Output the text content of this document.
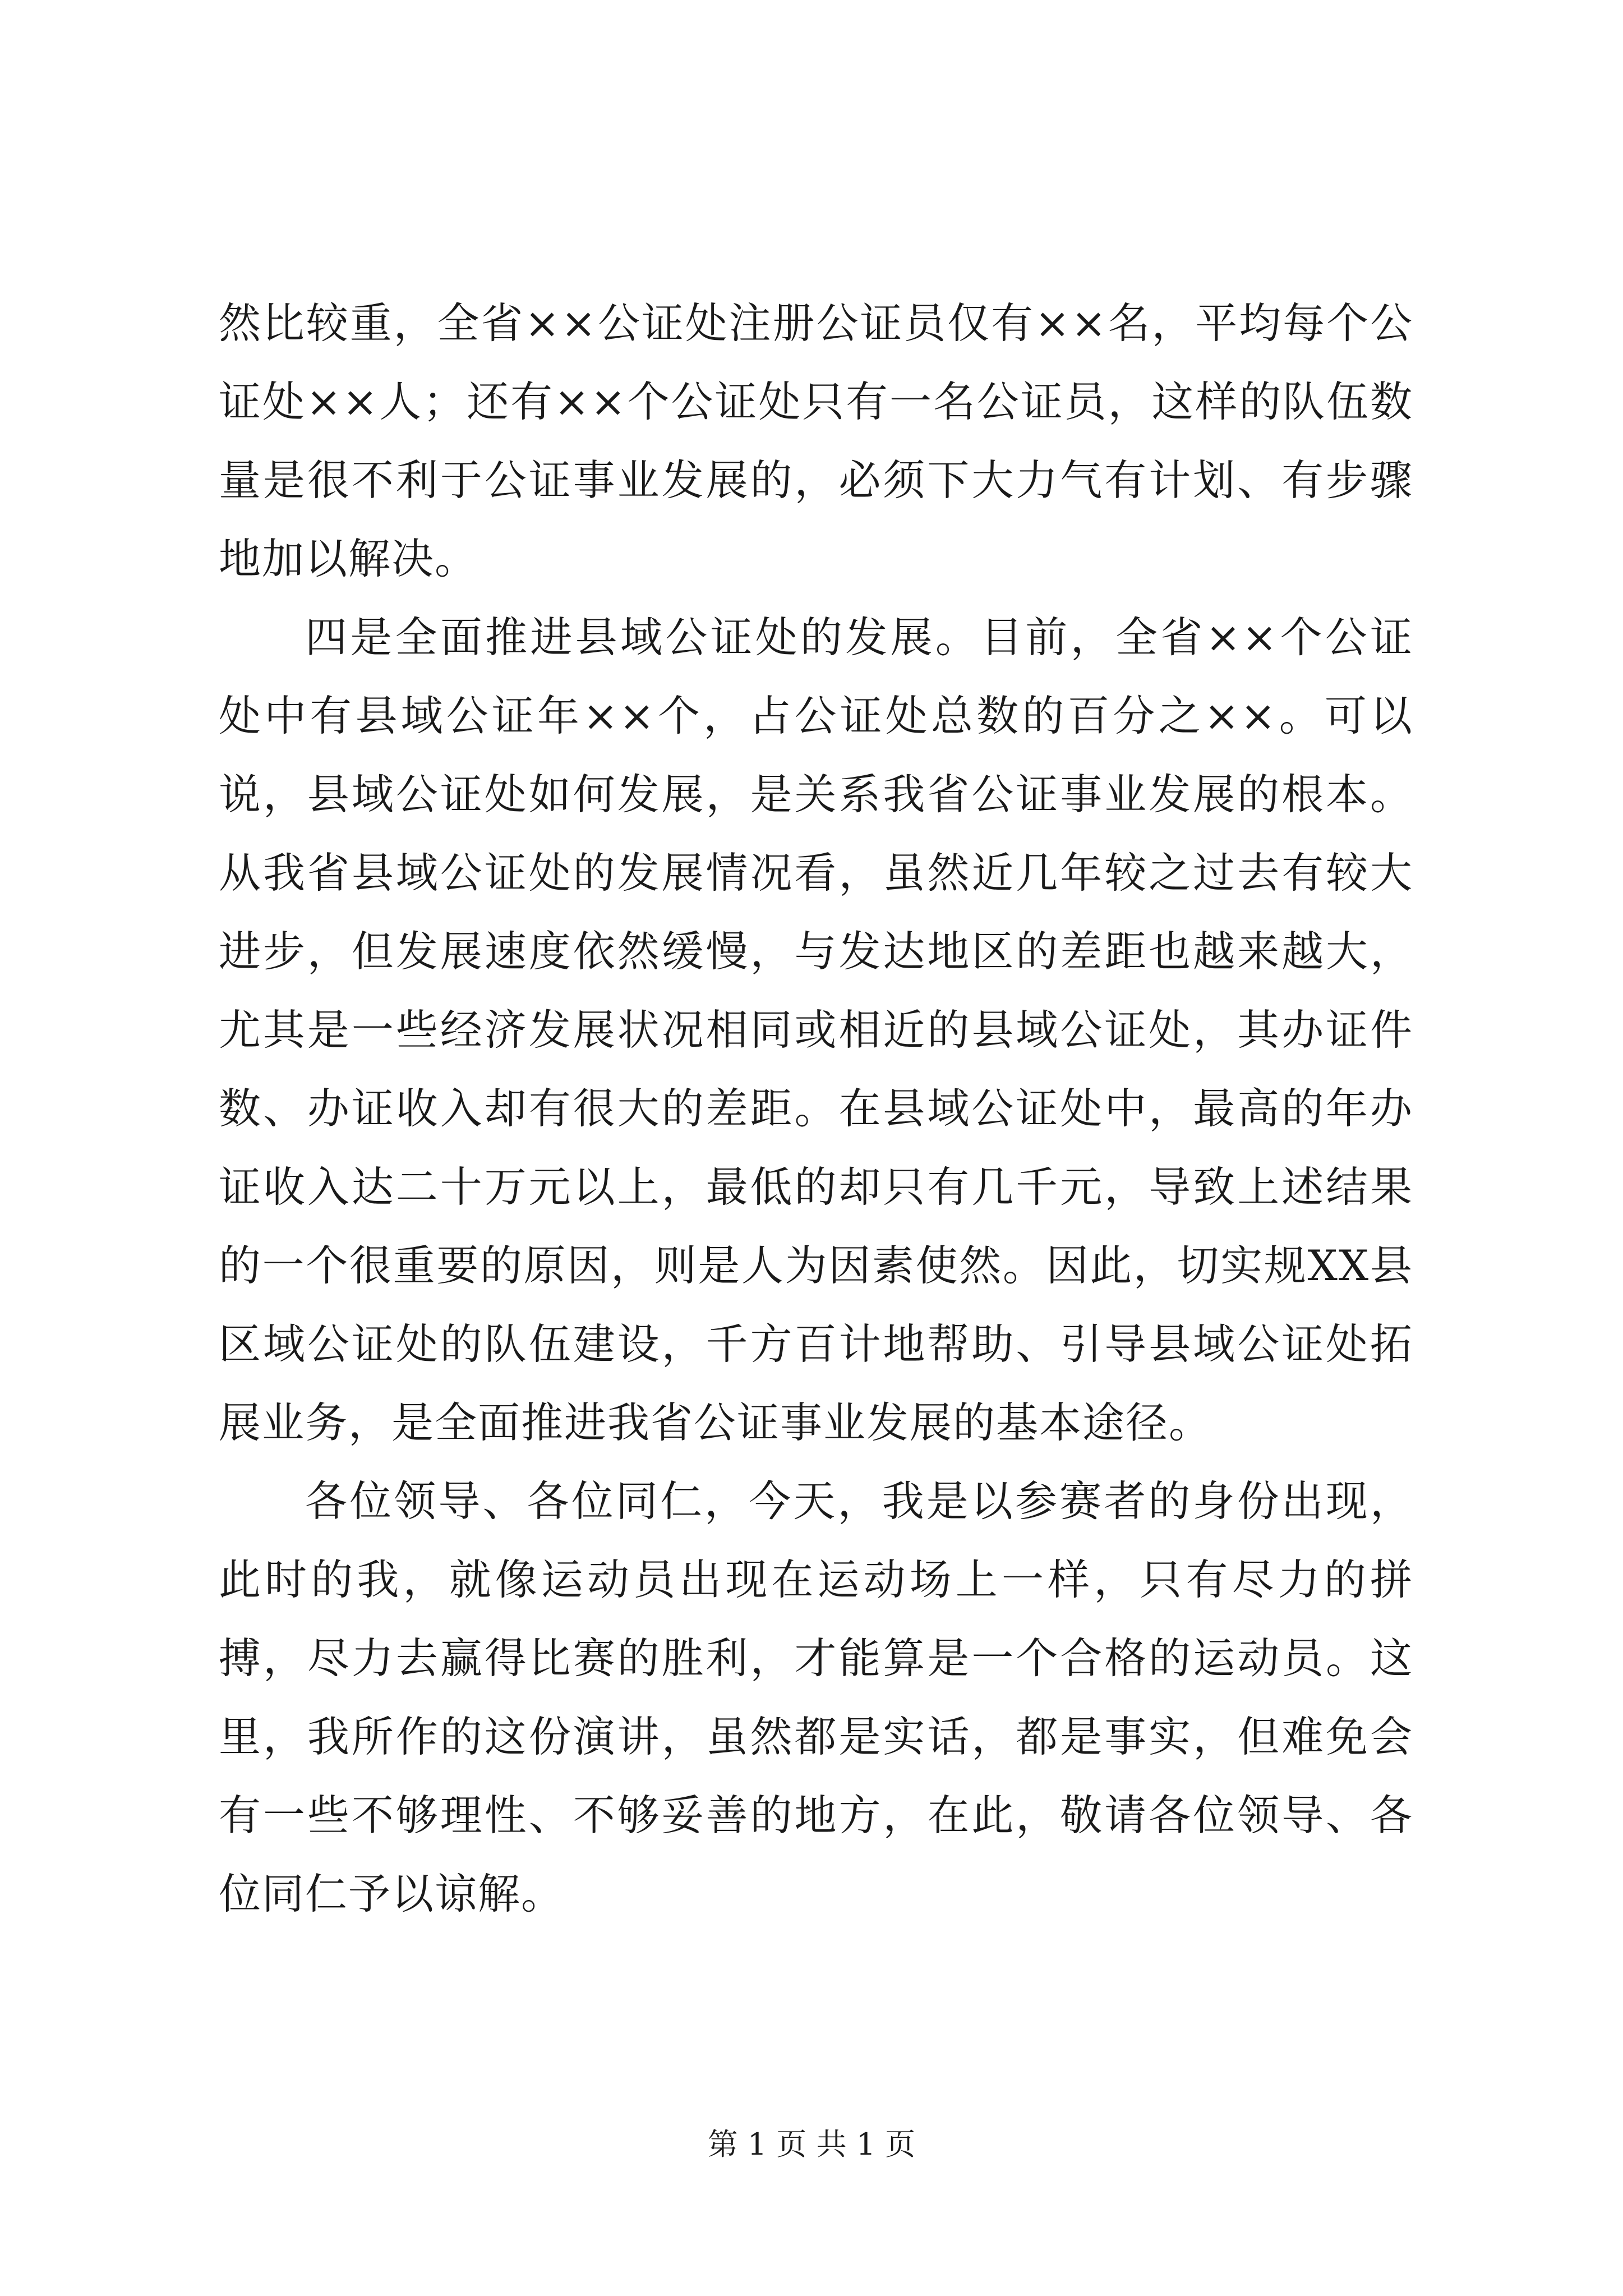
然比较重，全省××公证处注册公证员仅有××名，平均每个公证处××人；还有××个公证处只有一名公证员，这样的队伍数量是很不利于公证事业发展的，必须下大力气有计划、有步骤地加以解决。

四是全面推进县域公证处的发展。目前，全省××个公证处中有县域公证年××个，占公证处总数的百分之××。可以说，县域公证处如何发展，是关系我省公证事业发展的根本。从我省县域公证处的发展情况看，虽然近几年较之过去有较大进步，但发展速度依然缓慢，与发达地区的差距也越来越大，尤其是一些经济发展状况相同或相近的县域公证处，其办证件数、办证收入却有很大的差距。在县域公证处中，最高的年办证收入达二十万元以上，最低的却只有几千元，导致上述结果的一个很重要的原因，则是人为因素使然。因此，切实规XX县区域公证处的队伍建设，千方百计地帮助、引导县域公证处拓展业务，是全面推进我省公证事业发展的基本途径。

各位领导、各位同仁，今天，我是以参赛者的身份出现，此时的我，就像运动员出现在运动场上一样，只有尽力的拼搏，尽力去赢得比赛的胜利，才能算是一个合格的运动员。这里，我所作的这份演讲，虽然都是实话，都是事实，但难免会有一些不够理性、不够妥善的地方，在此，敬请各位领导、各位同仁予以谅解。

第 1 页 共 1 页
